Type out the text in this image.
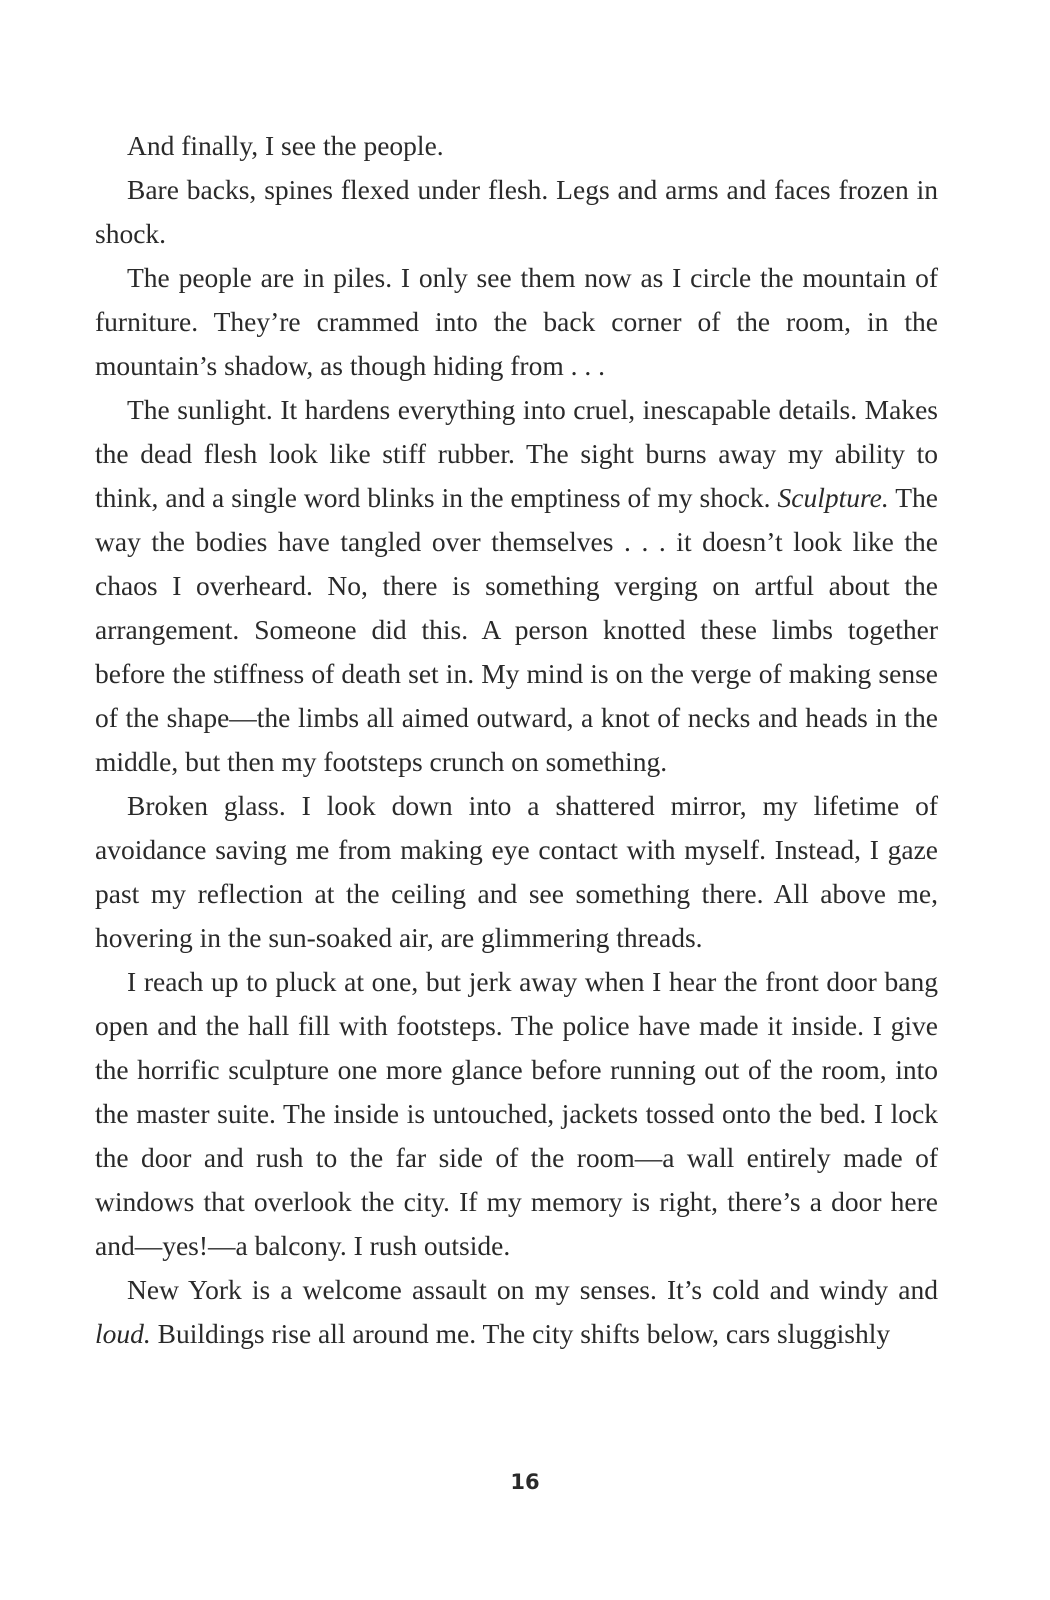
And finally, I see the people.

Bare backs, spines flexed under flesh. Legs and arms and faces frozen in shock.

The people are in piles. I only see them now as I circle the mountain of furniture. They’re crammed into the back corner of the room, in the mountain’s shadow, as though hiding from . . .

The sunlight. It hardens everything into cruel, inescapable details. Makes the dead flesh look like stiff rubber. The sight burns away my ability to think, and a single word blinks in the emptiness of my shock. Sculpture. The way the bodies have tangled over themselves . . . it doesn’t look like the chaos I overheard. No, there is something verging on artful about the arrangement. Someone did this. A person knotted these limbs together before the stiffness of death set in. My mind is on the verge of making sense of the shape—the limbs all aimed outward, a knot of necks and heads in the middle, but then my footsteps crunch on something.

Broken glass. I look down into a shattered mirror, my lifetime of avoidance saving me from making eye contact with myself. Instead, I gaze past my reflection at the ceiling and see something there. All above me, hovering in the sun-soaked air, are glimmering threads.

I reach up to pluck at one, but jerk away when I hear the front door bang open and the hall fill with footsteps. The police have made it inside. I give the horrific sculpture one more glance before running out of the room, into the master suite. The inside is untouched, jackets tossed onto the bed. I lock the door and rush to the far side of the room—a wall entirely made of windows that overlook the city. If my memory is right, there’s a door here and—yes!—a balcony. I rush outside.

New York is a welcome assault on my senses. It’s cold and windy and loud. Buildings rise all around me. The city shifts below, cars sluggishly

16
